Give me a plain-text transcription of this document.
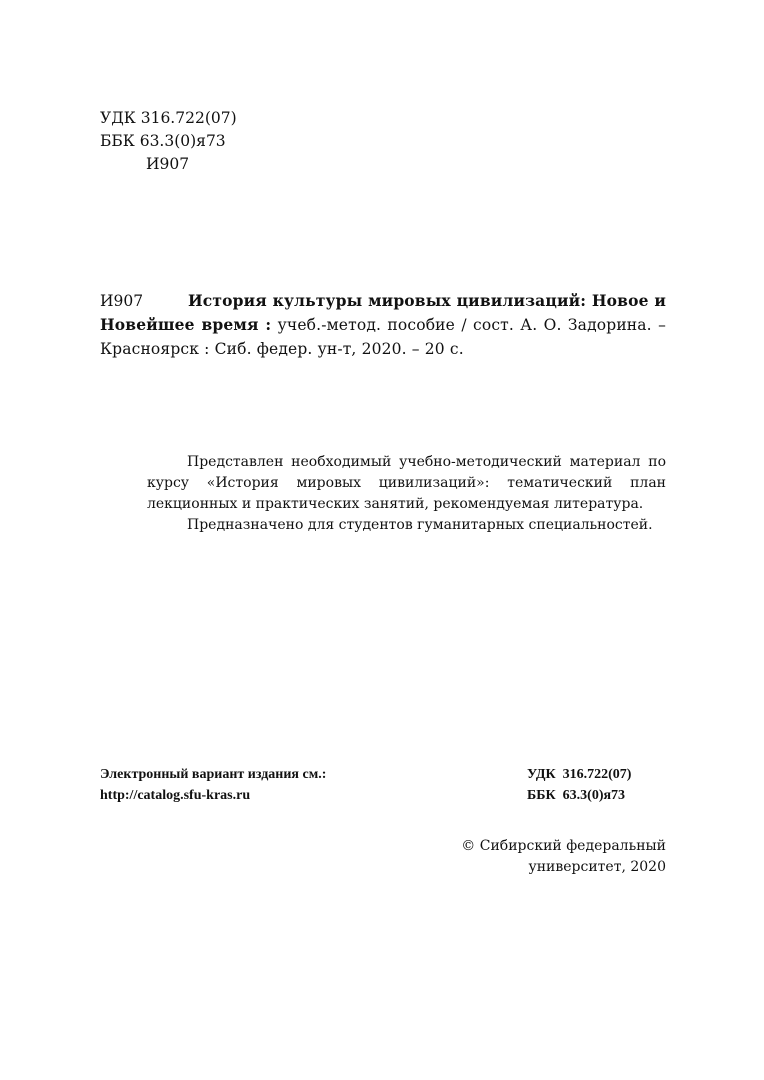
УДК 316.722(07)
ББК 63.3(0)я73
И907
И907	История культуры мировых цивилизаций: Новое и Новейшее время : учеб.-метод. пособие / сост. А. О. Задорина. – Красноярск : Сиб. федер. ун-т, 2020. – 20 с.

Представлен необходимый учебно-методический материал по курсу «История мировых цивилизаций»: тематический план лекционных и практических занятий, рекомендуемая литература.

Предназначено для студентов гуманитарных специальностей.

Электронный вариант издания см.:
http://catalog.sfu-kras.ru
УДК  316.722(07)
ББК  63.3(0)я73
© Сибирский федеральный
университет, 2020
